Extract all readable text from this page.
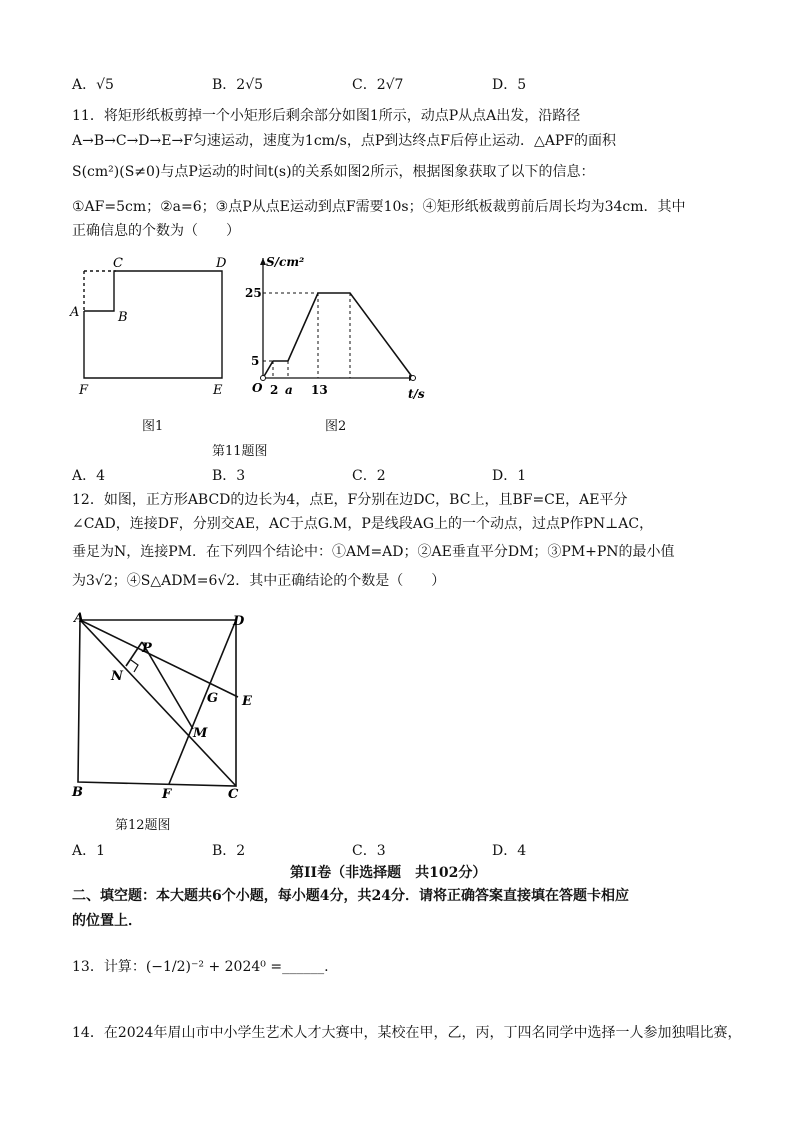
A．√5	B．2√5	C．2√7	D．5
11．将矩形纸板剪掉一个小矩形后剩余部分如图1所示，动点P从点A出发，沿路径
A→B→C→D→E→F匀速运动，速度为1cm/s，点P到达终点F后停止运动．△APF的面积
S(cm²)(S≠0)与点P运动的时间t(s)的关系如图2所示，根据图象获取了以下的信息：
①AF=5cm；②a=6；③点P从点E运动到点F需要10s；④矩形纸板裁剪前后周长均为34cm．其中
正确信息的个数为（　　）
A	B
C	D
E
F
图1
S/cm²
t/s
O
5
25
2 a 13
图2
第11题图
A．4	B．3	C．2	D．1
12．如图，正方形ABCD的边长为4，点E，F分别在边DC，BC上，且BF=CE，AE平分
∠CAD，连接DF，分别交AE，AC于点G.M，P是线段AG上的一个动点，过点P作PN⊥AC，
垂足为N，连接PM．在下列四个结论中：①AM=AD；②AE垂直平分DM；③PM+PN的最小值
为3√2；④S△ADM=6√2．其中正确结论的个数是（　　）
A	D
P
N
G E
M
B	F	C
第12题图
A．1	B．2	C．3	D．4
第II卷（非选择题　共102分）
二、填空题：本大题共6个小题，每小题4分，共24分．请将正确答案直接填在答题卡相应
的位置上．
13．计算：(−1/2)⁻² + 2024⁰ =______.
14．在2024年眉山市中小学生艺术人才大赛中，某校在甲，乙，丙，丁四名同学中选择一人参加独唱比赛，
